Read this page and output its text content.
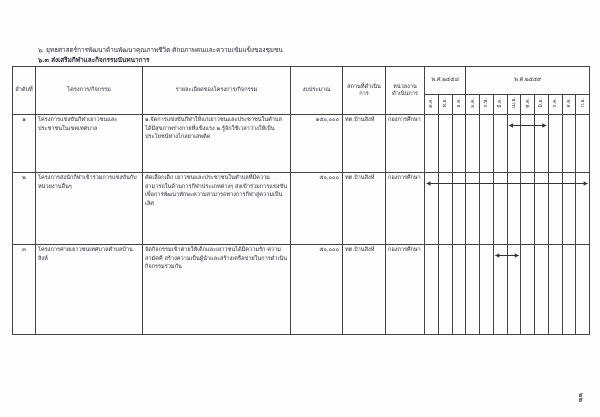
๖. ยุทธศาสตร์การพัฒนาด้านพัฒนาคุณภาพชีวิต ศักยภาพคนและความเข้มแข็งของชุมชน
๖.๓ ส่งเสริมกีฬาและกิจกรรมนันทนาการ
ลำดับที่	โครงการ/กิจกรรม	รายละเอียดของโครงการ/กิจกรรม	งบประมาณ	สถานที่ดำเนินการ	หน่วยงานดำเนินการ	พ.ศ.๒๕๕๘			พ.ศ.๒๕๕๙								
						ต.ค.	พ.ย.	ธ.ค.	ม.ค.	ก.พ.	มี.ค.	เม.ย.	พ.ค.	มิ.ย.	ก.ค.	ส.ค.	ก.ย.
๑	โครงการแข่งขันกีฬาเยาวชนและประชาชนในเขตเทศบาล	๑.จัดการแข่งขันกีฬาให้แก่เยาวชนและประชาชนในตำบลได้มีสุขภาพร่างกายที่แข็งแรง ๒.รู้จักใช้เวลาว่างให้เป็นประโยชน์ห่างไกลยาเสพติด	๑๕๐,๐๐๐	ทต.บ้านสิงห์	กองการศึกษา												
๒	โครงการส่งนักกีฬาเข้าร่วมการแข่งขันกับหน่วยงานอื่นๆ	คัดเลือกเด็ก เยาวชนและประชาชนในตำบลที่มีความสามารถในด้านการกีฬาประเภทต่างๆ ส่งเข้าร่วมการแข่งขัน เพื่อการพัฒนาทักษะความสามารถทางการกีฬาสู่ความเป็นเลิศ	๕๐,๐๐๐	ทต.บ้านสิงห์	กองการศึกษา												
๓	โครงการค่ายเยาวชนเทศบาลตำบลบ้านสิงห์	จัดกิจกรรมเข้าค่ายให้เด็กและเยาวชนได้มีความรัก ความสามัคคี สร้างความเป็นผู้นำและสร้างเครือข่ายในการดำเนินกิจกรรมร่วมกัน	๕๐,๐๐๐	ทต.บ้านสิงห์	กองการศึกษา												
๒๒
